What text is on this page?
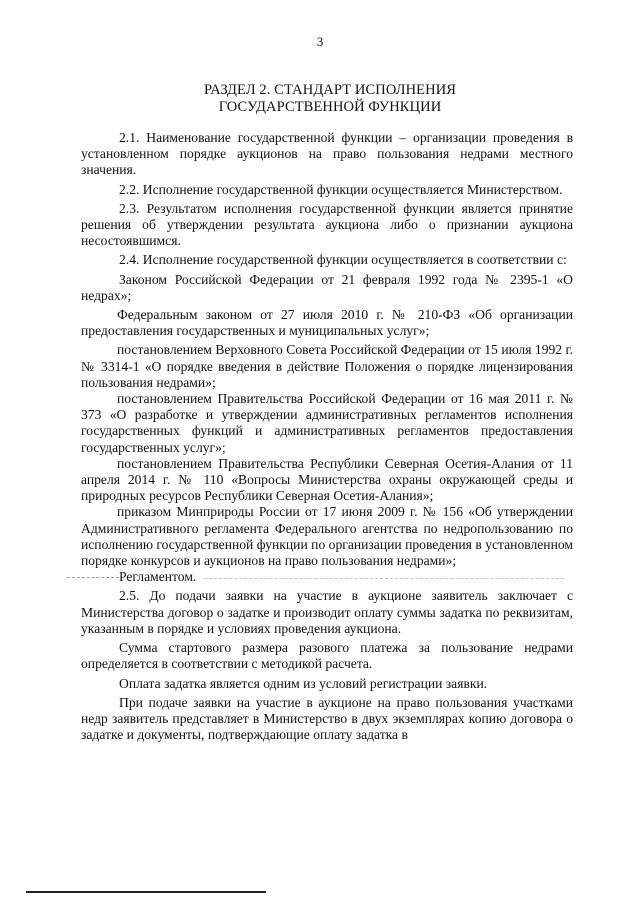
3
РАЗДЕЛ 2. СТАНДАРТ ИСПОЛНЕНИЯ
ГОСУДАРСТВЕННОЙ ФУНКЦИИ

2.1. Наименование государственной функции – организации проведения в установленном порядке аукционов на право пользования недрами местного значения.

2.2. Исполнение государственной функции осуществляется Министерством.

2.3. Результатом исполнения государственной функции является принятие решения об утверждении результата аукциона либо о признании аукциона несостоявшимся.

2.4. Исполнение государственной функции осуществляется в соответствии с:

Законом Российской Федерации от 21 февраля 1992 года № 2395-1 «О недрах»;

Федеральным законом от 27 июля 2010 г. № 210-ФЗ «Об организации предоставления государственных и муниципальных услуг»;

постановлением Верховного Совета Российской Федерации от 15 июля 1992 г. № 3314-1 «О порядке введения в действие Положения о порядке лицензирования пользования недрами»;

постановлением Правительства Российской Федерации от 16 мая 2011 г. № 373 «О разработке и утверждении административных регламентов исполнения государственных функций и административных регламентов предоставления государственных услуг»;

постановлением Правительства Республики Северная Осетия-Алания от 11 апреля 2014 г. № 110 «Вопросы Министерства охраны окружающей среды и природных ресурсов Республики Северная Осетия-Алания»;

приказом Минприроды России от 17 июня 2009 г. № 156 «Об утверждении Административного регламента Федерального агентства по недропользованию по исполнению государственной функции по организации проведения в установленном порядке конкурсов и аукционов на право пользования недрами»;

Регламентом.

2.5. До подачи заявки на участие в аукционе заявитель заключает с Министерства договор о задатке и производит оплату суммы задатка по реквизитам, указанным в порядке и условиях проведения аукциона.

Сумма стартового размера разового платежа за пользование недрами определяется в соответствии с методикой расчета.

Оплата задатка является одним из условий регистрации заявки.

При подаче заявки на участие в аукционе на право пользования участками недр заявитель представляет в Министерство в двух экземплярах копию договора о задатке и документы, подтверждающие оплату задатка в
